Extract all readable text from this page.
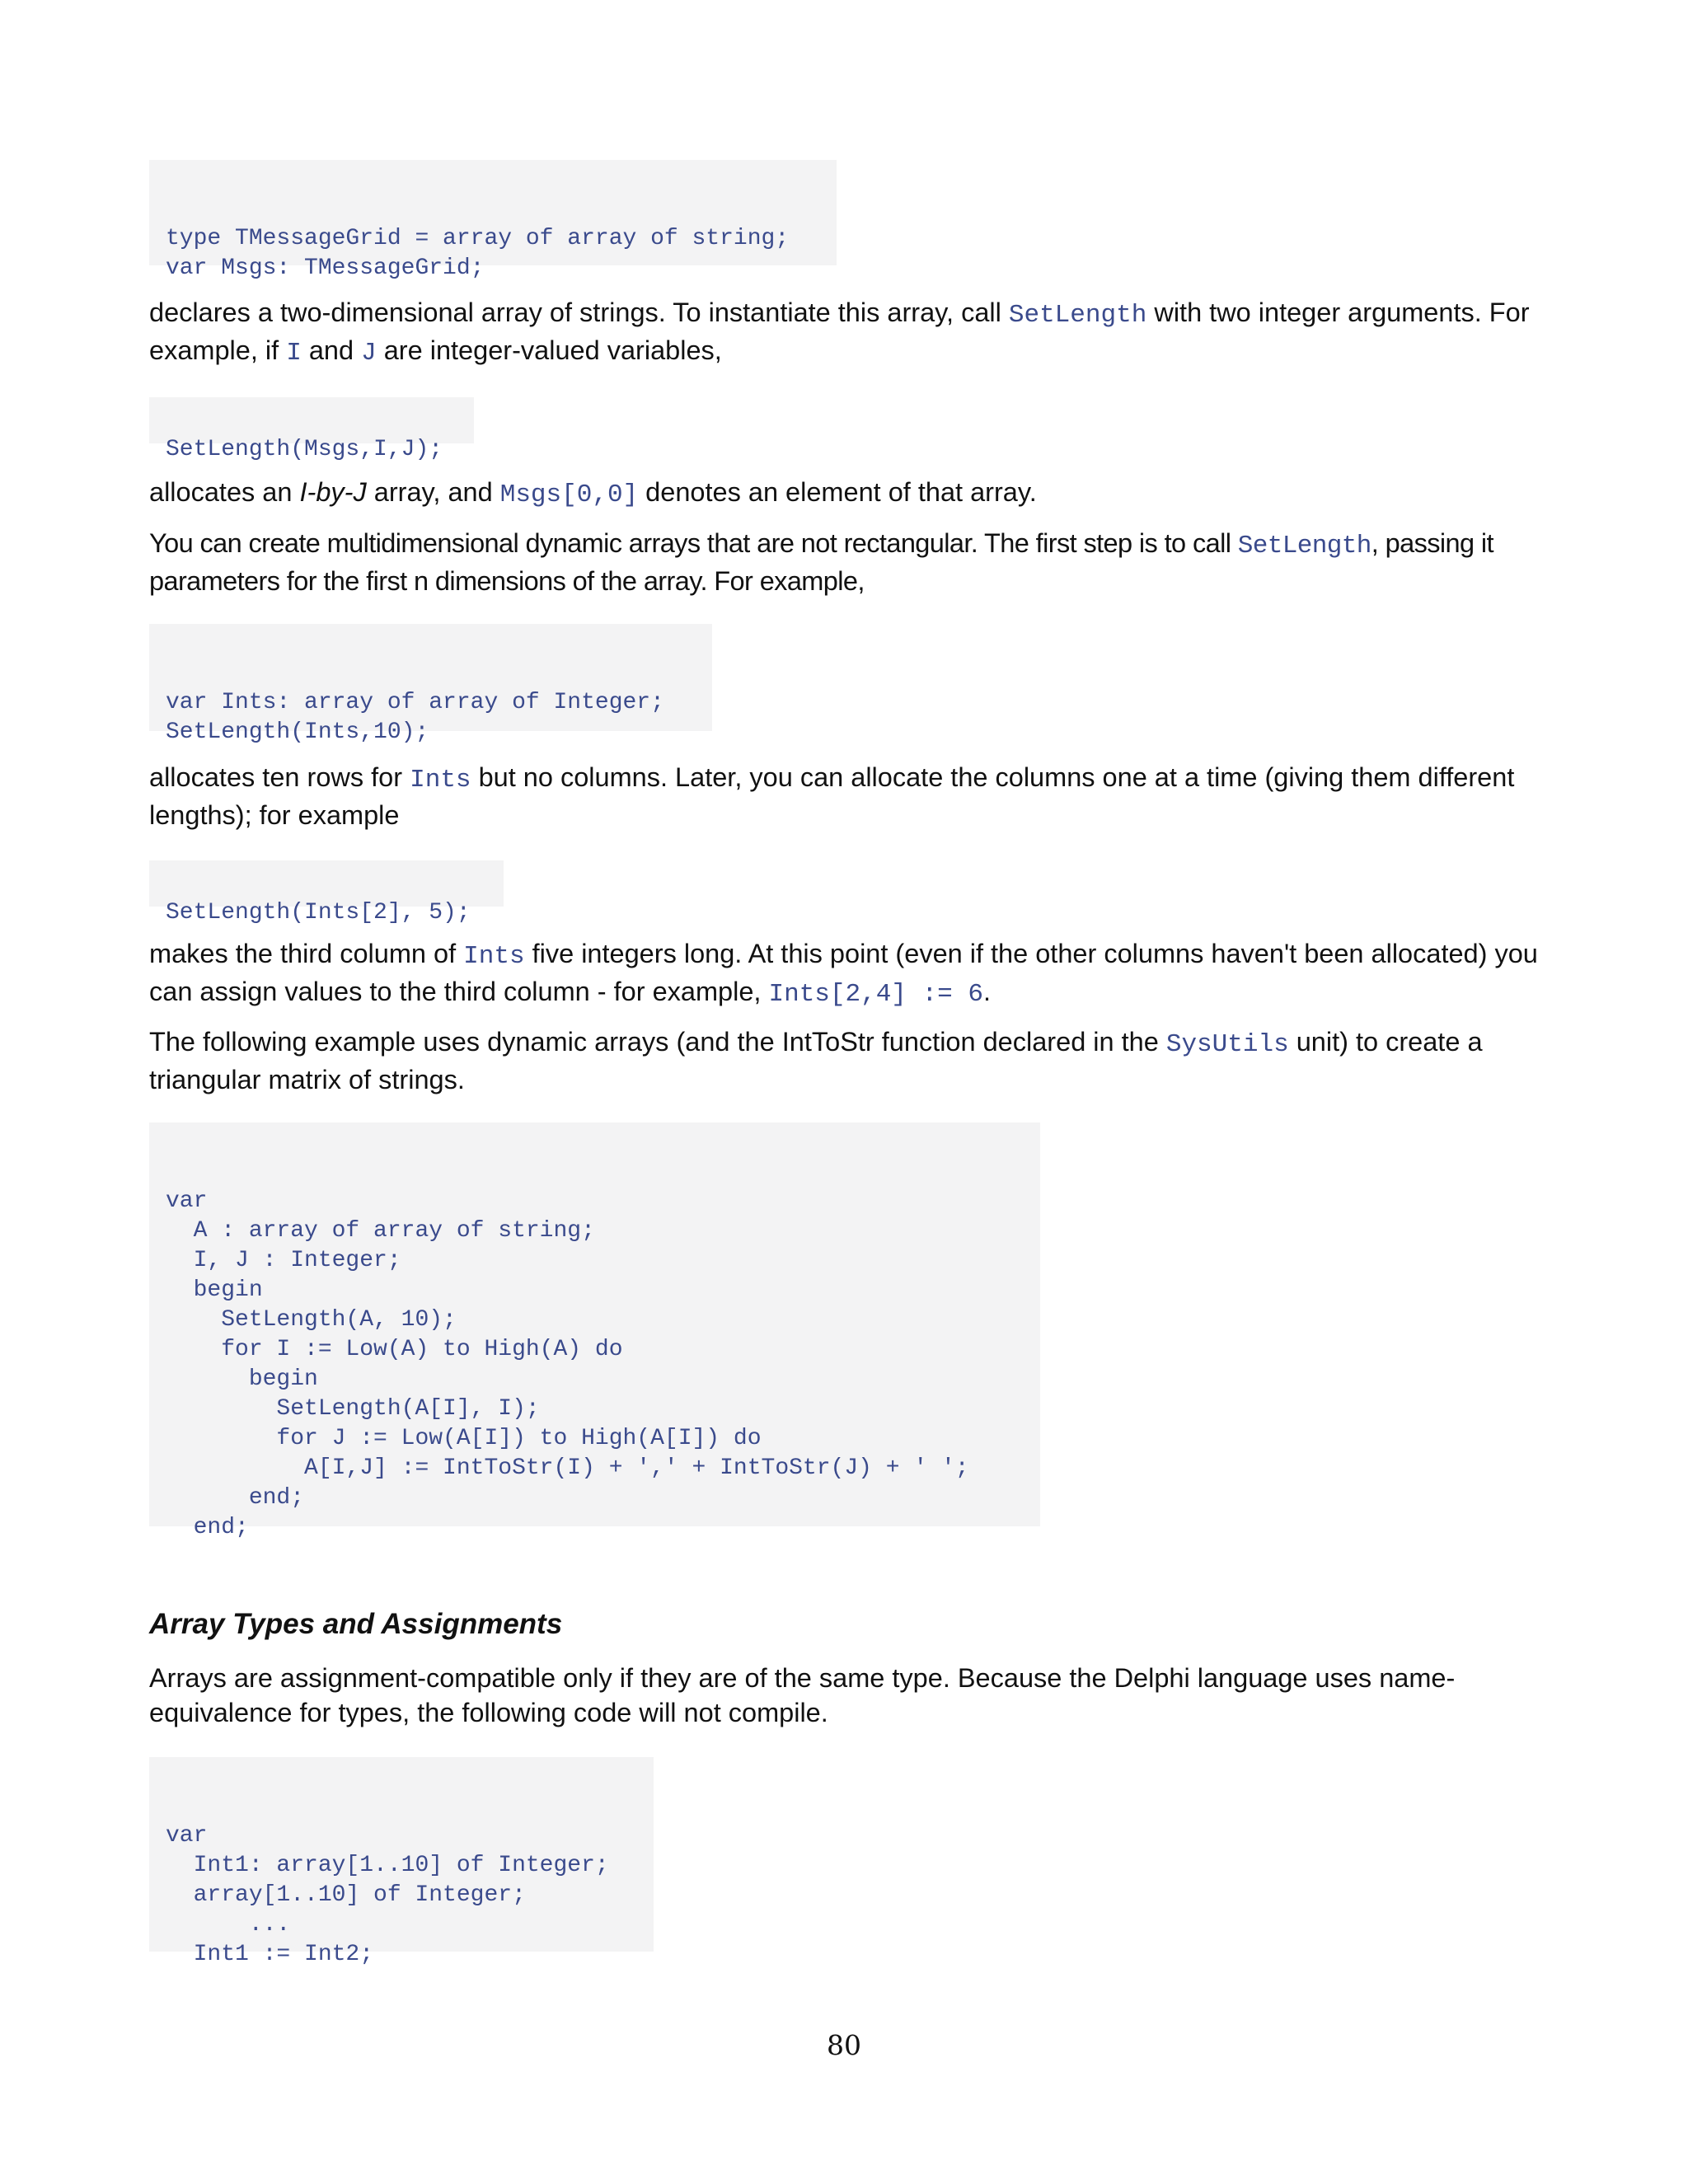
type TMessageGrid = array of array of string;
var Msgs: TMessageGrid;
declares a two-dimensional array of strings. To instantiate this array, call SetLength with two integer arguments. For example, if I and J are integer-valued variables,

SetLength(Msgs,I,J);
allocates an I-by-J array, and Msgs[0,0] denotes an element of that array.
You can create multidimensional dynamic arrays that are not rectangular. The first step is to call SetLength, passing it parameters for the first n dimensions of the array. For example,

var Ints: array of array of Integer;
SetLength(Ints,10);
allocates ten rows for Ints but no columns. Later, you can allocate the columns one at a time (giving them different lengths); for example

SetLength(Ints[2], 5);
makes the third column of Ints five integers long. At this point (even if the other columns haven't been allocated) you can assign values to the third column - for example, Ints[2,4] := 6.
The following example uses dynamic arrays (and the IntToStr function declared in the SysUtils unit) to create a triangular matrix of strings.

var
A : array of array of string;
I, J : Integer;
begin
SetLength(A, 10);
for I := Low(A) to High(A) do
begin
SetLength(A[I], I);
for J := Low(A[I]) to High(A[I]) do
A[I,J] := IntToStr(I) + ',' + IntToStr(J) + ' ';
end;
end;
Array Types and Assignments
Arrays are assignment-compatible only if they are of the same type. Because the Delphi language uses name-equivalence for types, the following code will not compile.

var
Int1: array[1..10] of Integer;
array[1..10] of Integer;
...
Int1 := Int2;
80
